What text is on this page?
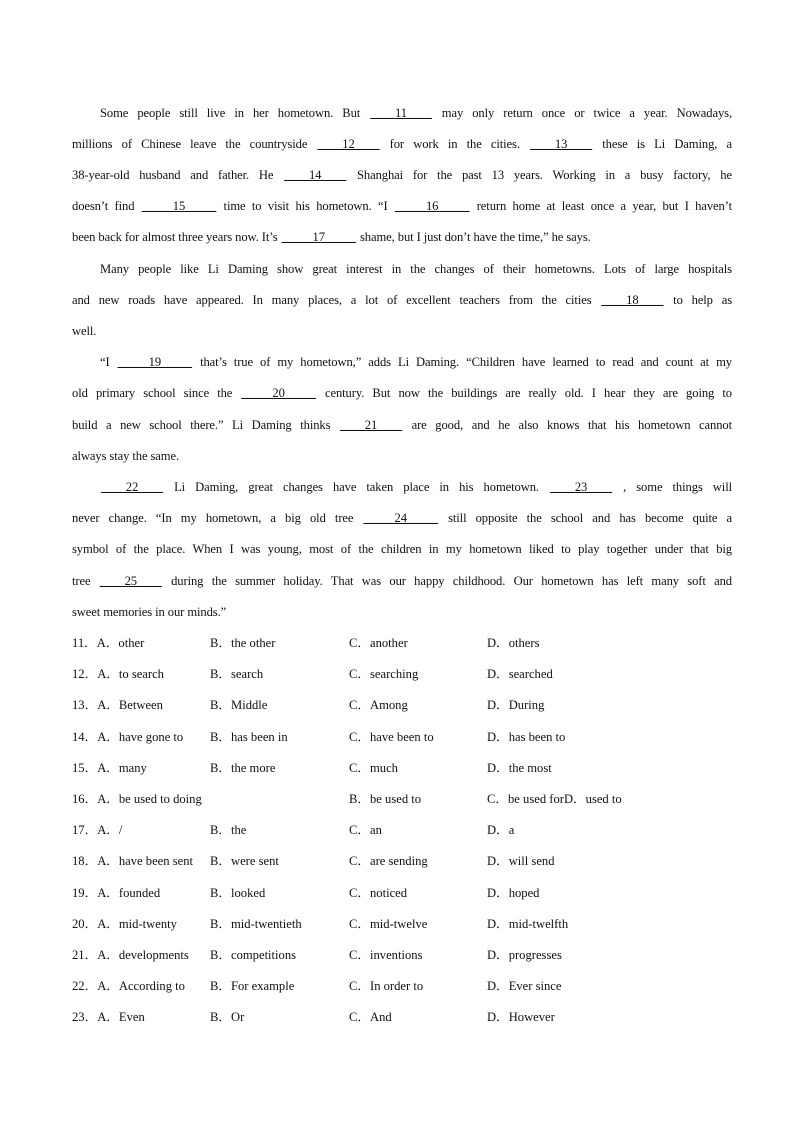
Some people still live in her hometown. But ____11____ may only return once or twice a year. Nowadays,
millions of Chinese leave the countryside ____12____ for work in the cities. ____13____ these is Li Daming, a
38-year-old husband and father. He ____14____ Shanghai for the past 13 years. Working in a busy factory, he
doesn’t find _____15_____ time to visit his hometown. “I _____16_____ return home at least once a year, but I haven’t
been back for almost three years now. It’s _____17_____ shame, but I just don’t have the time,” he says.
Many people like Li Daming show great interest in the changes of their hometowns. Lots of large hospitals
and new roads have appeared. In many places, a lot of excellent teachers from the cities ____18____ to help as
well.
“I _____19_____ that’s true of my hometown,” adds Li Daming. “Children have learned to read and count at my
old primary school since the _____20_____ century. But now the buildings are really old. I hear they are going to
build a new school there.” Li Daming thinks ____21____ are good, and he also knows that his hometown cannot
always stay the same.
____22____ Li Daming, great changes have taken place in his hometown. ____23____ , some things will
never change. “In my hometown, a big old tree _____24_____ still opposite the school and has become quite a
symbol of the place. When I was young, most of the children in my hometown liked to play together under that big
tree ____25____ during the summer holiday. That was our happy childhood. Our hometown has left many soft and
sweet memories in our minds.”
11．A．other	B．the other	C．another	D．others
12．A．to search	B．search	C．searching	D．searched
13．A．Between	B．Middle	C．Among	D．During
14．A．have gone to B．has been in	C．have been to	D．has been to
15．A．many	B．the more	C．much	D．the most
16．A．be used to doing	B．be used to	C．be used forD．used to
17．A．/	B．the	C．an	D．a
18．A．have been sent B．were sent	C．are sending	D．will send
19．A．founded	B．looked	C．noticed	D．hoped
20．A．mid-twenty	B．mid-twentieth	C．mid-twelve	D．mid-twelfth
21．A．developments B．competitions	C．inventions	D．progresses
22．A．According to B．For example	C．In order to	D．Ever since
23．A．Even	B．Or	C．And	D．However
